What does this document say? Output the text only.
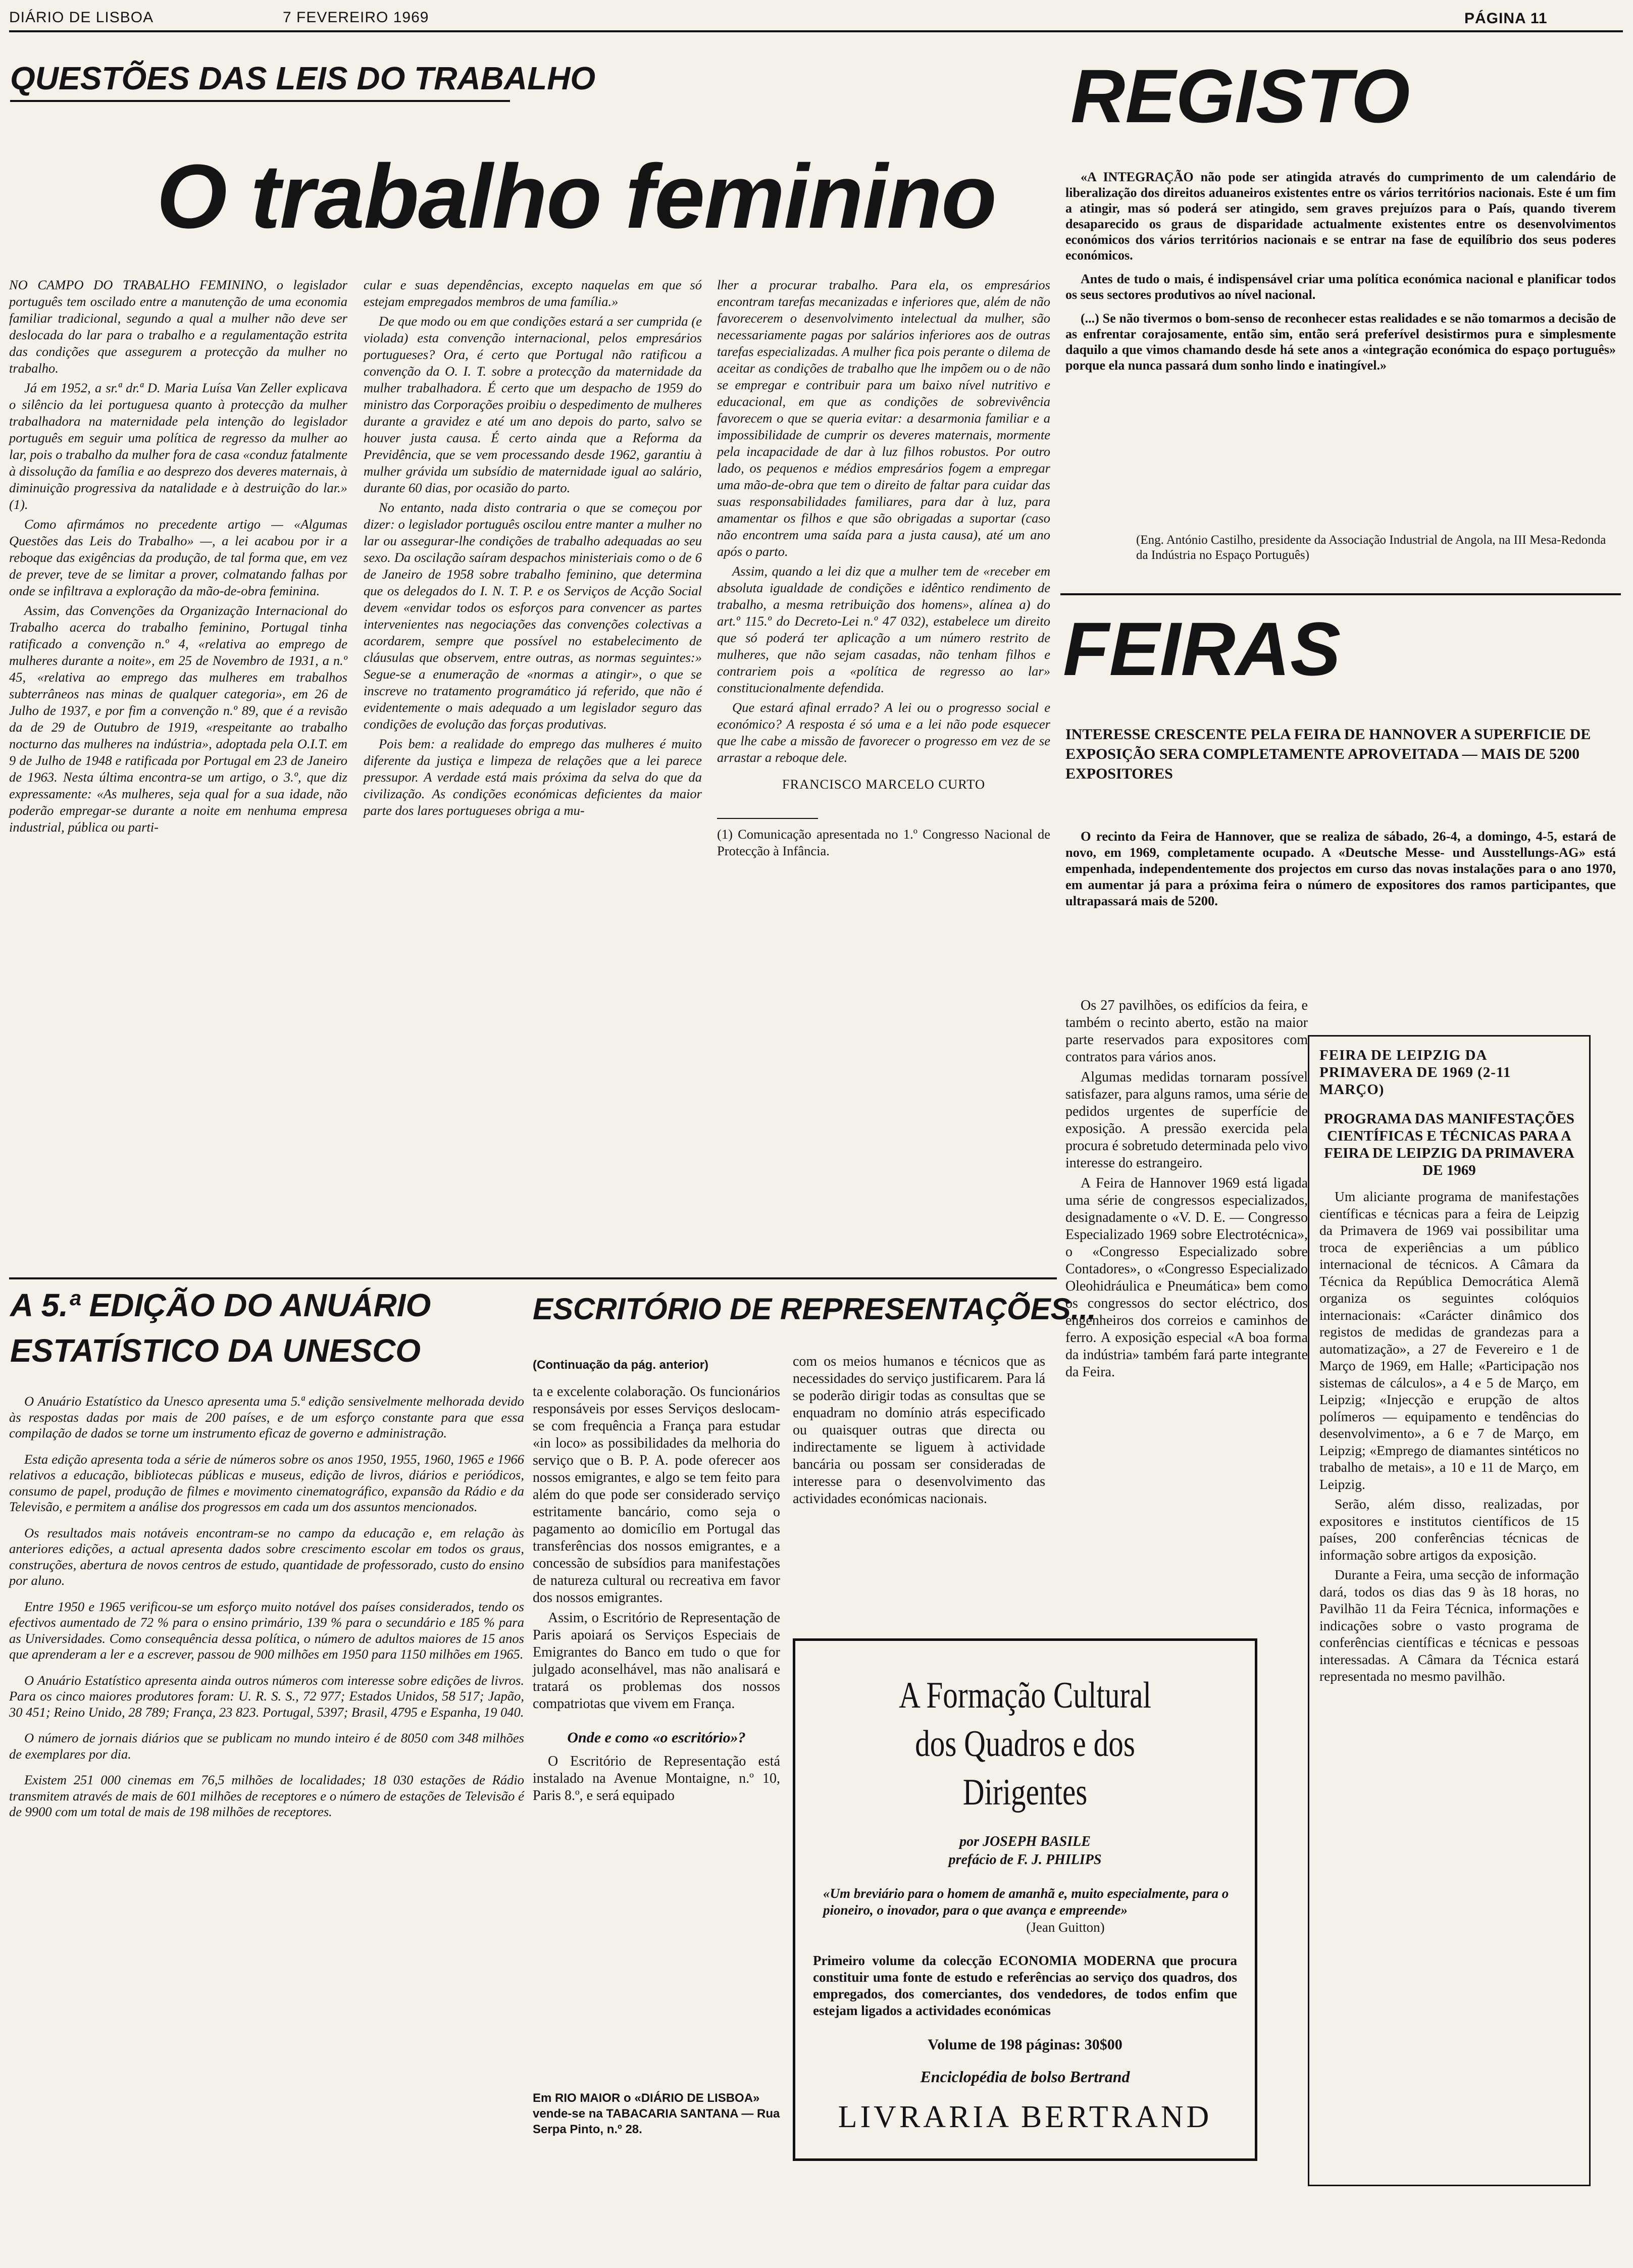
DIÁRIO DE LISBOA	7 FEVEREIRO 1969	PÁGINA 11
QUESTÕES DAS LEIS DO TRABALHO
O trabalho feminino

NO CAMPO DO TRABALHO FEMININO, o legislador português tem oscilado entre a manutenção de uma economia familiar tradicional, segundo a qual a mulher não deve ser deslocada do lar para o trabalho e a regulamentação estrita das condições que assegurem a protecção da mulher no trabalho.

Já em 1952, a sr.ª dr.ª D. Maria Luísa Van Zeller explicava o silêncio da lei portuguesa quanto à protecção da mulher trabalhadora na maternidade pela intenção do legislador português em seguir uma política de regresso da mulher ao lar, pois o trabalho da mulher fora de casa «conduz fatalmente à dissolução da família e ao desprezo dos deveres maternais, à diminuição progressiva da natalidade e à destruição do lar.» (1).

Como afirmámos no precedente artigo — «Algumas Questões das Leis do Trabalho» —, a lei acabou por ir a reboque das exigências da produção, de tal forma que, em vez de prever, teve de se limitar a prover, colmatando falhas por onde se infiltrava a exploração da mão-de-obra feminina.

Assim, das Convenções da Organização Internacional do Trabalho acerca do trabalho feminino, Portugal tinha ratificado a convenção n.º 4, «relativa ao emprego de mulheres durante a noite», em 25 de Novembro de 1931, a n.º 45, «relativa ao emprego das mulheres em trabalhos subterrâneos nas minas de qualquer categoria», em 26 de Julho de 1937, e por fim a convenção n.º 89, que é a revisão da de 29 de Outubro de 1919, «respeitante ao trabalho nocturno das mulheres na indústria», adoptada pela O.I.T. em 9 de Julho de 1948 e ratificada por Portugal em 23 de Janeiro de 1963. Nesta última encontra-se um artigo, o 3.º, que diz expressamente: «As mulheres, seja qual for a sua idade, não poderão empregar-se durante a noite em nenhuma empresa industrial, pública ou parti-

cular e suas dependências, excepto naquelas em que só estejam empregados membros de uma família.»

De que modo ou em que condições estará a ser cumprida (e violada) esta convenção internacional, pelos empresários portugueses? Ora, é certo que Portugal não ratificou a convenção da O. I. T. sobre a protecção da maternidade da mulher trabalhadora. É certo que um despacho de 1959 do ministro das Corporações proibiu o despedimento de mulheres durante a gravidez e até um ano depois do parto, salvo se houver justa causa. É certo ainda que a Reforma da Previdência, que se vem processando desde 1962, garantiu à mulher grávida um subsídio de maternidade igual ao salário, durante 60 dias, por ocasião do parto.

No entanto, nada disto contraria o que se começou por dizer: o legislador português oscilou entre manter a mulher no lar ou assegurar-lhe condições de trabalho adequadas ao seu sexo. Da oscilação saíram despachos ministeriais como o de 6 de Janeiro de 1958 sobre trabalho feminino, que determina que os delegados do I. N. T. P. e os Serviços de Acção Social devem «envidar todos os esforços para convencer as partes intervenientes nas negociações das convenções colectivas a acordarem, sempre que possível no estabelecimento de cláusulas que observem, entre outras, as normas seguintes:» Segue-se a enumeração de «normas a atingir», o que se inscreve no tratamento programático já referido, que não é evidentemente o mais adequado a um legislador seguro das condições de evolução das forças produtivas.

Pois bem: a realidade do emprego das mulheres é muito diferente da justiça e limpeza de relações que a lei parece pressupor. A verdade está mais próxima da selva do que da civilização. As condições económicas deficientes da maior parte dos lares portugueses obriga a mu-

lher a procurar trabalho. Para ela, os empresários encontram tarefas mecanizadas e inferiores que, além de não favorecerem o desenvolvimento intelectual da mulher, são necessariamente pagas por salários inferiores aos de outras tarefas especializadas. A mulher fica pois perante o dilema de aceitar as condições de trabalho que lhe impõem ou o de não se empregar e contribuir para um baixo nível nutritivo e educacional, em que as condições de sobrevivência favorecem o que se queria evitar: a desarmonia familiar e a impossibilidade de cumprir os deveres maternais, mormente pela incapacidade de dar à luz filhos robustos. Por outro lado, os pequenos e médios empresários fogem a empregar uma mão-de-obra que tem o direito de faltar para cuidar das suas responsabilidades familiares, para dar à luz, para amamentar os filhos e que são obrigadas a suportar (caso não encontrem uma saída para a justa causa), até um ano após o parto.

Assim, quando a lei diz que a mulher tem de «receber em absoluta igualdade de condições e idêntico rendimento de trabalho, a mesma retribuição dos homens», alínea a) do art.º 115.º do Decreto-Lei n.º 47 032), estabelece um direito que só poderá ter aplicação a um número restrito de mulheres, que não sejam casadas, não tenham filhos e contrariem pois a «política de regresso ao lar» constitucionalmente defendida.

Que estará afinal errado? A lei ou o progresso social e económico? A resposta é só uma e a lei não pode esquecer que lhe cabe a missão de favorecer o progresso em vez de se arrastar a reboque dele.

FRANCISCO MARCELO CURTO
(1) Comunicação apresentada no 1.º Congresso Nacional de Protecção à Infância.
REGISTO

«A INTEGRAÇÃO não pode ser atingida através do cumprimento de um calendário de liberalização dos direitos aduaneiros existentes entre os vários territórios nacionais. Este é um fim a atingir, mas só poderá ser atingido, sem graves prejuízos para o País, quando tiverem desaparecido os graus de disparidade actualmente existentes entre os desenvolvimentos económicos dos vários territórios nacionais e se entrar na fase de equilíbrio dos seus poderes económicos.

Antes de tudo o mais, é indispensável criar uma política económica nacional e planificar todos os seus sectores produtivos ao nível nacional.

(...) Se não tivermos o bom-senso de reconhecer estas realidades e se não tomarmos a decisão de as enfrentar corajosamente, então sim, então será preferível desistirmos pura e simplesmente daquilo a que vimos chamando desde há sete anos a «integração económica do espaço português» porque ela nunca passará dum sonho lindo e inatingível.»

(Eng. António Castilho, presidente da Associação Industrial de Angola, na III Mesa-Redonda da Indústria no Espaço Português)
FEIRAS
INTERESSE CRESCENTE PELA FEIRA DE HANNOVER A SUPERFICIE DE EXPOSIÇÃO SERA COMPLETAMENTE APROVEITADA — MAIS DE 5200 EXPOSITORES

O recinto da Feira de Hannover, que se realiza de sábado, 26-4, a domingo, 4-5, estará de novo, em 1969, completamente ocupado. A «Deutsche Messe- und Ausstellungs-AG» está empenhada, independentemente dos projectos em curso das novas instalações para o ano 1970, em aumentar já para a próxima feira o número de expositores dos ramos participantes, que ultrapassará mais de 5200.

Os 27 pavilhões, os edifícios da feira, e também o recinto aberto, estão na maior parte reservados para expositores com contratos para vários anos.

Algumas medidas tornaram possível satisfazer, para alguns ramos, uma série de pedidos urgentes de superfície de exposição. A pressão exercida pela procura é sobretudo determinada pelo vivo interesse do estrangeiro.

A Feira de Hannover 1969 está ligada uma série de congressos especializados, designadamente o «V. D. E. — Congresso Especializado 1969 sobre Electrotécnica», o «Congresso Especializado sobre Contadores», o «Congresso Especializado Oleohidráulica e Pneumática» bem como os congressos do sector eléctrico, dos engenheiros dos correios e caminhos de ferro. A exposição especial «A boa forma da indústria» também fará parte integrante da Feira.

FEIRA DE LEIPZIG DA PRIMAVERA DE 1969 (2-11 MARÇO)
PROGRAMA DAS MANIFESTAÇÕES CIENTÍFICAS E TÉCNICAS PARA A FEIRA DE LEIPZIG DA PRIMAVERA DE 1969

Um aliciante programa de manifestações científicas e técnicas para a feira de Leipzig da Primavera de 1969 vai possibilitar uma troca de experiências a um público internacional de técnicos. A Câmara da Técnica da República Democrática Alemã organiza os seguintes colóquios internacionais: «Carácter dinâmico dos registos de medidas de grandezas para a automatização», a 27 de Fevereiro e 1 de Março de 1969, em Halle; «Participação nos sistemas de cálculos», a 4 e 5 de Março, em Leipzig; «Injecção e erupção de altos polímeros — equipamento e tendências do desenvolvimento», a 6 e 7 de Março, em Leipzig; «Emprego de diamantes sintéticos no trabalho de metais», a 10 e 11 de Março, em Leipzig.

Serão, além disso, realizadas, por expositores e institutos científicos de 15 países, 200 conferências técnicas de informação sobre artigos da exposição.

Durante a Feira, uma secção de informação dará, todos os dias das 9 às 18 horas, no Pavilhão 11 da Feira Técnica, informações e indicações sobre o vasto programa de conferências científicas e técnicas e pessoas interessadas. A Câmara da Técnica estará representada no mesmo pavilhão.

A 5.ª EDIÇÃO DO ANUÁRIO
ESTATÍSTICO DA UNESCO

O Anuário Estatístico da Unesco apresenta uma 5.ª edição sensivelmente melhorada devido às respostas dadas por mais de 200 países, e de um esforço constante para que essa compilação de dados se torne um instrumento eficaz de governo e administração.

Esta edição apresenta toda a série de números sobre os anos 1950, 1955, 1960, 1965 e 1966 relativos a educação, bibliotecas públicas e museus, edição de livros, diários e periódicos, consumo de papel, produção de filmes e movimento cinematográfico, expansão da Rádio e da Televisão, e permitem a análise dos progressos em cada um dos assuntos mencionados.

Os resultados mais notáveis encontram-se no campo da educação e, em relação às anteriores edições, a actual apresenta dados sobre crescimento escolar em todos os graus, construções, abertura de novos centros de estudo, quantidade de professorado, custo do ensino por aluno.

Entre 1950 e 1965 verificou-se um esforço muito notável dos países considerados, tendo os efectivos aumentado de 72 % para o ensino primário, 139 % para o secundário e 185 % para as Universidades. Como consequência dessa política, o número de adultos maiores de 15 anos que aprenderam a ler e a escrever, passou de 900 milhões em 1950 para 1150 milhões em 1965.

O Anuário Estatístico apresenta ainda outros números com interesse sobre edições de livros. Para os cinco maiores produtores foram: U. R. S. S., 72 977; Estados Unidos, 58 517; Japão, 30 451; Reino Unido, 28 789; França, 23 823. Portugal, 5397; Brasil, 4795 e Espanha, 19 040.

O número de jornais diários que se publicam no mundo inteiro é de 8050 com 348 milhões de exemplares por dia.

Existem 251 000 cinemas em 76,5 milhões de localidades; 18 030 estações de Rádio transmitem através de mais de 601 milhões de receptores e o número de estações de Televisão é de 9900 com um total de mais de 198 milhões de receptores.

ESCRITÓRIO DE REPRESENTAÇÕES...
(Continuação da pág. anterior)

ta e excelente colaboração. Os funcionários responsáveis por esses Serviços deslocam-se com frequência a França para estudar «in loco» as possibilidades da melhoria do serviço que o B. P. A. pode oferecer aos nossos emigrantes, e algo se tem feito para além do que pode ser considerado serviço estritamente bancário, como seja o pagamento ao domicílio em Portugal das transferências dos nossos emigrantes, e a concessão de subsídios para manifestações de natureza cultural ou recreativa em favor dos nossos emigrantes.

Assim, o Escritório de Representação de Paris apoiará os Serviços Especiais de Emigrantes do Banco em tudo o que for julgado aconselhável, mas não analisará e tratará os problemas dos nossos compatriotas que vivem em França.

Onde e como «o escritório»?

O Escritório de Representação está instalado na Avenue Montaigne, n.º 10, Paris 8.º, e será equipado

com os meios humanos e técnicos que as necessidades do serviço justificarem. Para lá se poderão dirigir todas as consultas que se enquadram no domínio atrás especificado ou quaisquer outras que directa ou indirectamente se liguem à actividade bancária ou possam ser consideradas de interesse para o desenvolvimento das actividades económicas nacionais.

Em RIO MAIOR o «DIÁRIO DE LISBOA» vende-se na TABACARIA SANTANA — Rua Serpa Pinto, n.º 28.
A Formação Cultural
dos Quadros e dos Dirigentes
por JOSEPH BASILE
prefácio de F. J. PHILIPS
«Um breviário para o homem de amanhã e, muito especialmente, para o pioneiro, o inovador, para o que avança e empreende»
(Jean Guitton)
Primeiro volume da colecção ECONOMIA MODERNA que procura constituir uma fonte de estudo e referências ao serviço dos quadros, dos empregados, dos comerciantes, dos vendedores, de todos enfim que estejam ligados a actividades económicas
Volume de 198 páginas: 30$00
Enciclopédia de bolso Bertrand
LIVRARIA BERTRAND
